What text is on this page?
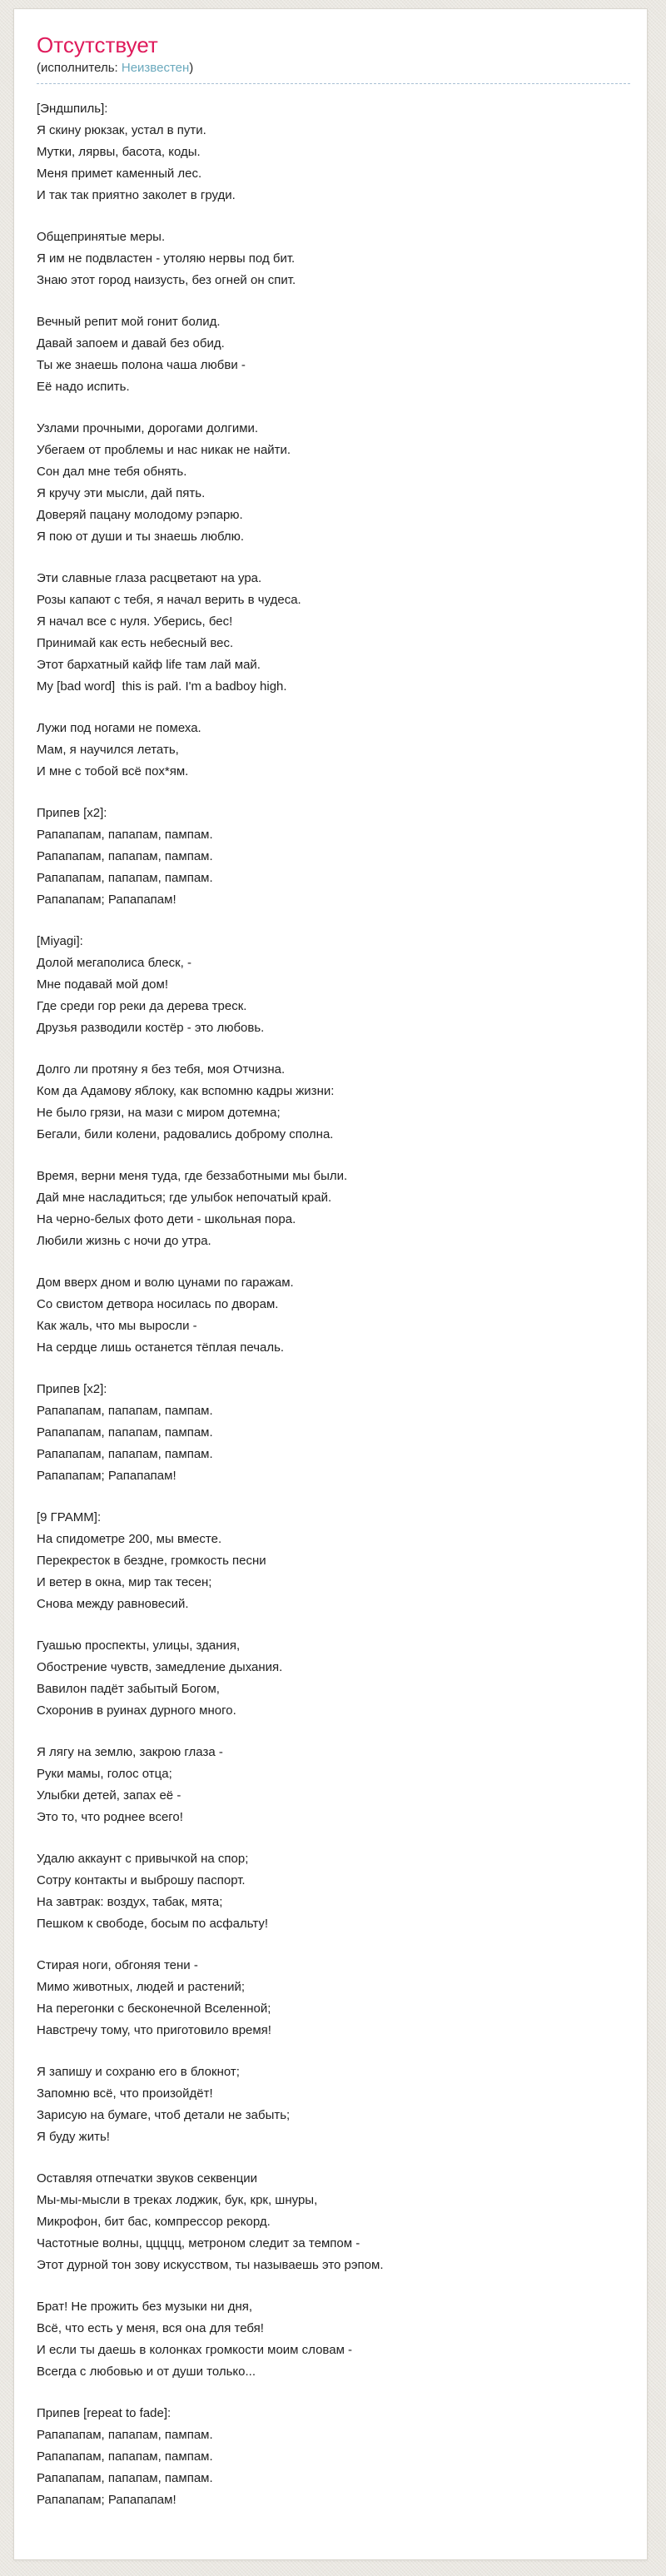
Отсутствует
(исполнитель: Неизвестен)

[Эндшпиль]:
Я скину рюкзак, устал в пути.
Мутки, лярвы, басота, коды.
Меня примет каменный лес.
И так так приятно заколет в груди.

Общепринятые меры.
Я им не подвластен - утоляю нервы под бит.
Знаю этот город наизусть, без огней он спит.

Вечный репит мой гонит болид.
Давай запоем и давай без обид.
Ты же знаешь полона чаша любви -
Её надо испить.

Узлами прочными, дорогами долгими.
Убегаем от проблемы и нас никак не найти.
Сон дал мне тебя обнять.
Я кручу эти мысли, дай пять.
Доверяй пацану молодому рэпарю.
Я пою от души и ты знаешь люблю.

Эти славные глаза расцветают на ура.
Розы капают с тебя, я начал верить в чудеса.
Я начал все с нуля. Уберись, бес!
Принимай как есть небесный вес.
Этот бархатный кайф life там лай май.
My [bad word]  this is рай. I'm a badboy high.

Лужи под ногами не помеха.
Мам, я научился летать,
И мне с тобой всё пох*ям.

Припев [x2]:
Рапапапам, папапам, пампам.
Рапапапам, папапам, пампам.
Рапапапам, папапам, пампам.
Рапапапам; Рапапапам!

[Miyagi]:
Долой мегаполиса блеск, -
Мне подавай мой дом!
Где среди гор реки да дерева треск.
Друзья разводили костёр - это любовь.

Долго ли протяну я без тебя, моя Отчизна.
Ком да Адамову яблоку, как вспомню кадры жизни:
Не было грязи, на мази с миром дотемна;
Бегали, били колени, радовались доброму сполна.

Время, верни меня туда, где беззаботными мы были.
Дай мне насладиться; где улыбок непочатый край.
На черно-белых фото дети - школьная пора.
Любили жизнь с ночи до утра.

Дом вверх дном и волю цунами по гаражам.
Со свистом детвора носилась по дворам.
Как жаль, что мы выросли -
На сердце лишь останется тёплая печаль.

Припев [x2]:
Рапапапам, папапам, пампам.
Рапапапам, папапам, пампам.
Рапапапам, папапам, пампам.
Рапапапам; Рапапапам!

[9 ГРАММ]:
На спидометре 200, мы вместе.
Перекресток в бездне, громкость песни
И ветер в окна, мир так тесен;
Снова между равновесий.

Гуашью проспекты, улицы, здания,
Обострение чувств, замедление дыхания.
Вавилон падёт забытый Богом,
Схоронив в руинах дурного много.

Я лягу на землю, закрою глаза -
Руки мамы, голос отца;
Улыбки детей, запах её -
Это то, что роднее всего!

Удалю аккаунт с привычкой на спор;
Сотру контакты и выброшу паспорт.
На завтрак: воздух, табак, мята;
Пешком к свободе, босым по асфальту!

Стирая ноги, обгоняя тени -
Мимо животных, людей и растений;
На перегонки с бесконечной Вселенной;
Навстречу тому, что приготовило время!

Я запишу и сохраню его в блокнот;
Запомню всё, что произойдёт!
Зарисую на бумаге, чтоб детали не забыть;
Я буду жить!

Оставляя отпечатки звуков секвенции
Мы-мы-мысли в треках лоджик, бук, крк, шнуры,
Микрофон, бит бас, компрессор рекорд.
Частотные волны, ццццц, метроном следит за темпом -
Этот дурной тон зову искусством, ты называешь это рэпом.

Брат! Не прожить без музыки ни дня,
Всё, что есть у меня, вся она для тебя!
И если ты даешь в колонках громкости моим словам -
Всегда с любовью и от души только...

Припев [repeat to fade]:
Рапапапам, папапам, пампам.
Рапапапам, папапам, пампам.
Рапапапам, папапам, пампам.
Рапапапам; Рапапапам!
